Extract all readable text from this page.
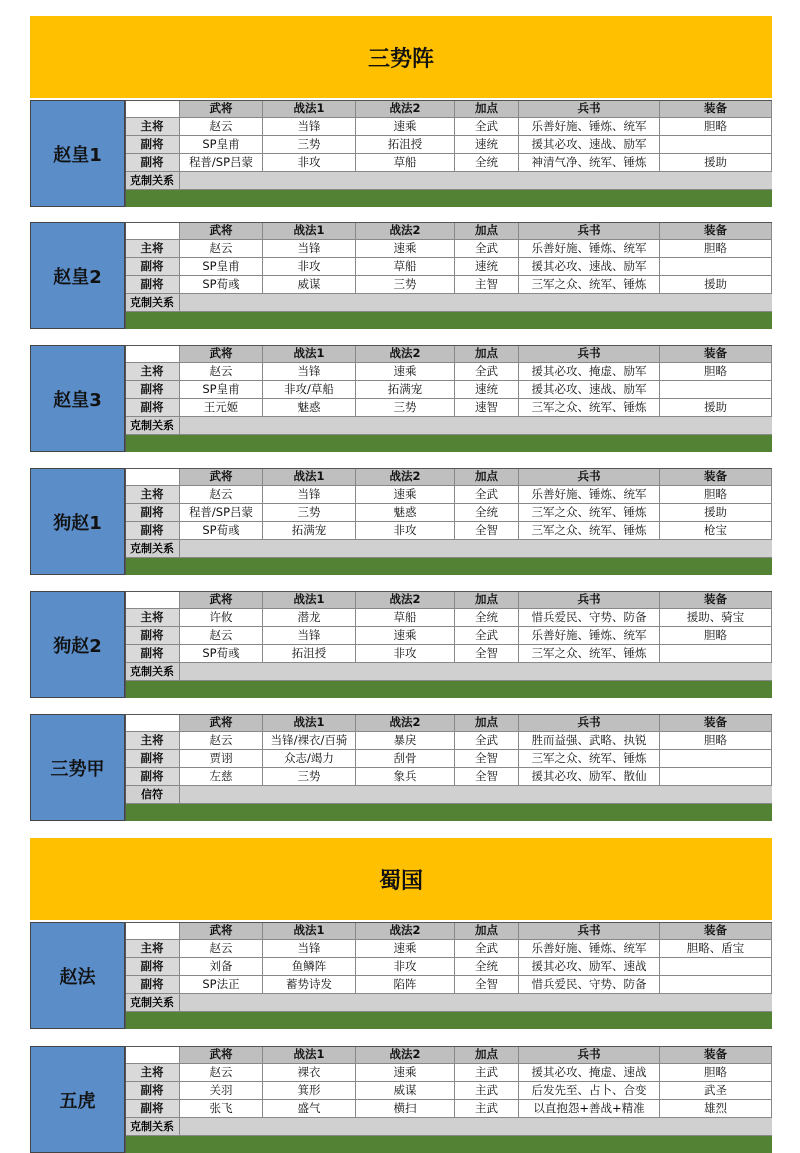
三势阵
赵皇1
武将	战法1	战法2	加点	兵书	装备
主将	赵云	当锋	速乘	全武	乐善好施、锤炼、统军	胆略
副将	SP皇甫	三势	拓沮授	速统	援其必攻、速战、励军
副将	程普/SP吕蒙	非攻	草船	全统	神清气净、统军、锤炼	援助
克制关系
赵皇2
武将	战法1	战法2	加点	兵书	装备
主将	赵云	当锋	速乘	全武	乐善好施、锤炼、统军	胆略
副将	SP皇甫	非攻	草船	速统	援其必攻、速战、励军
副将	SP荀彧	威谋	三势	主智	三军之众、统军、锤炼	援助
克制关系
赵皇3
武将	战法1	战法2	加点	兵书	装备
主将	赵云	当锋	速乘	全武	援其必攻、掩虚、励军	胆略
副将	SP皇甫	非攻/草船	拓满宠	速统	援其必攻、速战、励军
副将	王元姬	魅惑	三势	速智	三军之众、统军、锤炼	援助
克制关系
狗赵1
武将	战法1	战法2	加点	兵书	装备
主将	赵云	当锋	速乘	全武	乐善好施、锤炼、统军	胆略
副将	程普/SP吕蒙	三势	魅惑	全统	三军之众、统军、锤炼	援助
副将	SP荀彧	拓满宠	非攻	全智	三军之众、统军、锤炼	枪宝
克制关系
狗赵2
武将	战法1	战法2	加点	兵书	装备
主将	许攸	潜龙	草船	全统	惜兵爱民、守势、防备	援助、骑宝
副将	赵云	当锋	速乘	全武	乐善好施、锤炼、统军	胆略
副将	SP荀彧	拓沮授	非攻	全智	三军之众、统军、锤炼
克制关系
三势甲
武将	战法1	战法2	加点	兵书	装备
主将	赵云	当锋/裸衣/百骑	暴戾	全武	胜而益强、武略、执锐	胆略
副将	贾诩	众志/竭力	刮骨	全智	三军之众、统军、锤炼
副将	左慈	三势	象兵	全智	援其必攻、励军、散仙
信符
蜀国
赵法
武将	战法1	战法2	加点	兵书	装备
主将	赵云	当锋	速乘	全武	乐善好施、锤炼、统军	胆略、盾宝
副将	刘备	鱼鳞阵	非攻	全统	援其必攻、励军、速战
副将	SP法正	蓄势诗发	陷阵	全智	惜兵爱民、守势、防备
克制关系
五虎
武将	战法1	战法2	加点	兵书	装备
主将	赵云	裸衣	速乘	主武	援其必攻、掩虚、速战	胆略
副将	关羽	箕形	威谋	主武	后发先至、占卜、合变	武圣
副将	张飞	盛气	横扫	主武	以直抱怨+善战+精准	雄烈
克制关系
